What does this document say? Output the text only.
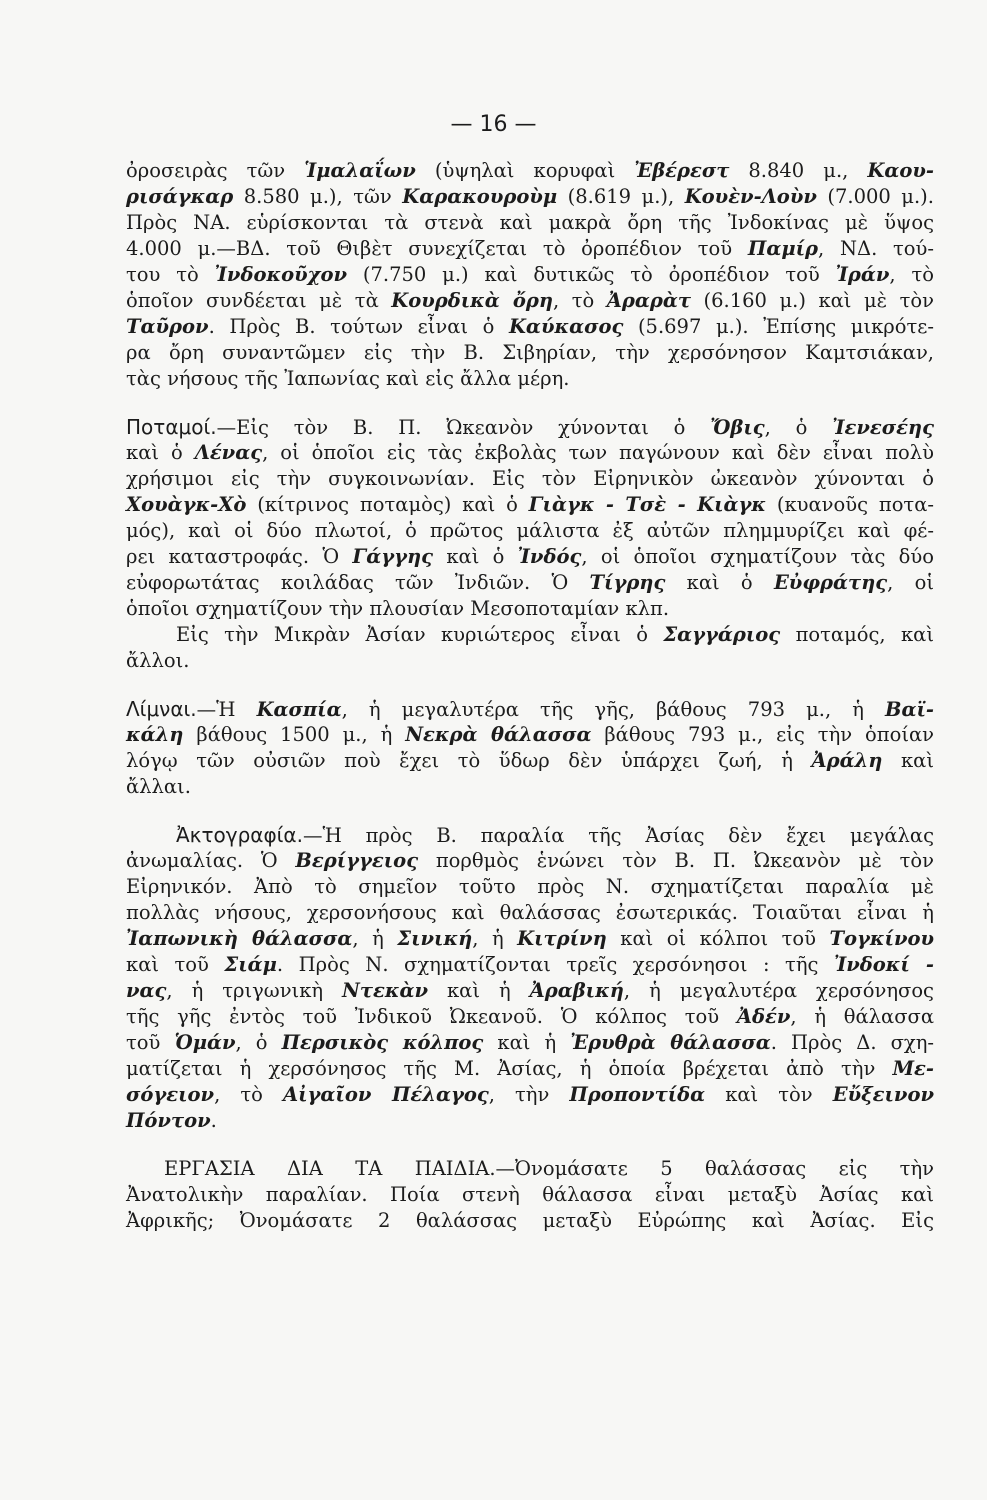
— 16 —
ὀροσειρὰς τῶν Ἱμαλαΐων (ὑψηλαὶ κορυφαὶ Ἐβέρεστ 8.840 μ., Καου-
ρισάγκαρ 8.580 μ.), τῶν Καρακουροὺμ (8.619 μ.), Κουὲν-Λοὺν (7.000 μ.).
Πρὸς ΝΑ. εὑρίσκονται τὰ στενὰ καὶ μακρὰ ὄρη τῆς Ἰνδοκίνας μὲ ὕψος
4.000 μ.—ΒΔ. τοῦ Θιβὲτ συνεχίζεται τὸ ὀροπέδιον τοῦ Παμίρ, ΝΔ. τού-
του τὸ Ἰνδοκοῦχον (7.750 μ.) καὶ δυτικῶς τὸ ὀροπέδιον τοῦ Ἰράν, τὸ
ὁποῖον συνδέεται μὲ τὰ Κουρδικὰ ὄρη, τὸ Ἀραρὰτ (6.160 μ.) καὶ μὲ τὸν
Ταῦρον. Πρὸς Β. τούτων εἶναι ὁ Καύκασος (5.697 μ.). Ἐπίσης μικρότε-
ρα ὄρη συναντῶμεν εἰς τὴν Β. Σιβηρίαν, τὴν χερσόνησον Καμτσιάκαν,
τὰς νήσους τῆς Ἰαπωνίας καὶ εἰς ἄλλα μέρη.
Ποταμοί.—Εἰς τὸν Β. Π. Ὠκεανὸν χύνονται ὁ Ὄβις, ὁ Ἰενεσέης
καὶ ὁ Λένας, οἱ ὁποῖοι εἰς τὰς ἐκβολὰς των παγώνουν καὶ δὲν εἶναι πολὺ
χρήσιμοι εἰς τὴν συγκοινωνίαν. Εἰς τὸν Εἰρηνικὸν ὠκεανὸν χύνονται ὁ
Χουὰγκ-Χὸ (κίτρινος ποταμὸς) καὶ ὁ Γιὰγκ - Τσὲ - Κιὰγκ (κυανοῦς ποτα-
μός), καὶ οἱ δύο πλωτοί, ὁ πρῶτος μάλιστα ἐξ αὐτῶν πλημμυρίζει καὶ φέ-
ρει καταστροφάς. Ὁ Γάγγης καὶ ὁ Ἰνδός, οἱ ὁποῖοι σχηματίζουν τὰς δύο
εὐφορωτάτας κοιλάδας τῶν Ἰνδιῶν. Ὁ Τίγρης καὶ ὁ Εὐφράτης, οἱ
ὁποῖοι σχηματίζουν τὴν πλουσίαν Μεσοποταμίαν κλπ.
Εἰς τὴν Μικρὰν Ἀσίαν κυριώτερος εἶναι ὁ Σαγγάριος ποταμός, καὶ
ἄλλοι.
Λίμναι.—Ἡ Κασπία, ἡ μεγαλυτέρα τῆς γῆς, βάθους 793 μ., ἡ Βαϊ-
κάλη βάθους 1500 μ., ἡ Νεκρὰ θάλασσα βάθους 793 μ., εἰς τὴν ὁποίαν
λόγῳ τῶν οὐσιῶν ποὺ ἔχει τὸ ὕδωρ δὲν ὑπάρχει ζωή, ἡ Ἀράλη καὶ
ἄλλαι.
Ἀκτογραφία.—Ἡ πρὸς Β. παραλία τῆς Ἀσίας δὲν ἔχει μεγάλας
ἀνωμαλίας. Ὁ Βερίγγειος πορθμὸς ἑνώνει τὸν Β. Π. Ὠκεανὸν μὲ τὸν
Εἰρηνικόν. Ἀπὸ τὸ σημεῖον τοῦτο πρὸς Ν. σχηματίζεται παραλία μὲ
πολλὰς νήσους, χερσονήσους καὶ θαλάσσας ἐσωτερικάς. Τοιαῦται εἶναι ἡ
Ἰαπωνικὴ θάλασσα, ἡ Σινική, ἡ Κιτρίνη καὶ οἱ κόλποι τοῦ Τογκίνου
καὶ τοῦ Σιάμ. Πρὸς Ν. σχηματίζονται τρεῖς χερσόνησοι : τῆς Ἰνδοκί -
νας, ἡ τριγωνικὴ Ντεκὰν καὶ ἡ Ἀραβική, ἡ μεγαλυτέρα χερσόνησος
τῆς γῆς ἐντὸς τοῦ Ἰνδικοῦ Ὠκεανοῦ. Ὁ κόλπος τοῦ Ἀδέν, ἡ θάλασσα
τοῦ Ὁμάν, ὁ Περσικὸς κόλπος καὶ ἡ Ἐρυθρὰ θάλασσα. Πρὸς Δ. σχη-
ματίζεται ἡ χερσόνησος τῆς Μ. Ἀσίας, ἡ ὁποία βρέχεται ἀπὸ τὴν Με-
σόγειον, τὸ Αἰγαῖον Πέλαγος, τὴν Προποντίδα καὶ τὸν Εὔξεινον
Πόντον.
ΕΡΓΑΣΙΑ ΔΙΑ ΤΑ ΠΑΙΔΙΑ.—Ὀνομάσατε 5 θαλάσσας εἰς τὴν
Ἀνατολικὴν παραλίαν. Ποία στενὴ θάλασσα εἶναι μεταξὺ Ἀσίας καὶ
Ἀφρικῆς; Ὀνομάσατε 2 θαλάσσας μεταξὺ Εὐρώπης καὶ Ἀσίας. Εἰς
